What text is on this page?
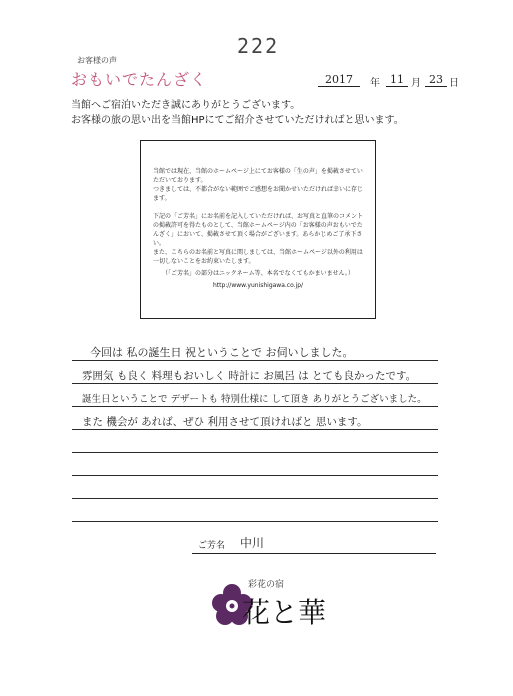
222
お客様の声
おもいでたんざく	2017	年 11 月 23 日
当館へご宿泊いただき誠にありがとうございます。
お客様の旅の思い出を当館HPにてご紹介させていただければと思います。

当館では現在、当館のホームページ上にてお客様の「生の声」を掲載させていただいております。

つきましては、不都合がない範囲でご感想をお聞かせいただければ幸いに存じます。

下記の「ご芳名」にお名前を記入していただければ、お写真と直筆のコメントの掲載許可を得たものとして、当館ホームページ内の「お客様の声おもいでたんざく」において、掲載させて頂く場合がございます。あらかじめご了承下さい。

また、こちらのお名前と写真に関しましては、当館ホームページ以外の利用は一切しないことをお約束いたします。

（「ご芳名」の部分はニックネーム等、本名でなくてもかまいません。）

http://www.yunishigawa.co.jp/

今回は 私の誕生日 祝ということで お伺いしました。
雰囲気 も良く 料理もおいしく 時計に お風呂 は とても良かったです。
誕生日ということで デザートも 特別仕様に して頂き ありがとうございました。
また 機会が あれば、ぜひ 利用させて頂ければと 思います。
ご芳名 中川
彩花の宿
花と華
